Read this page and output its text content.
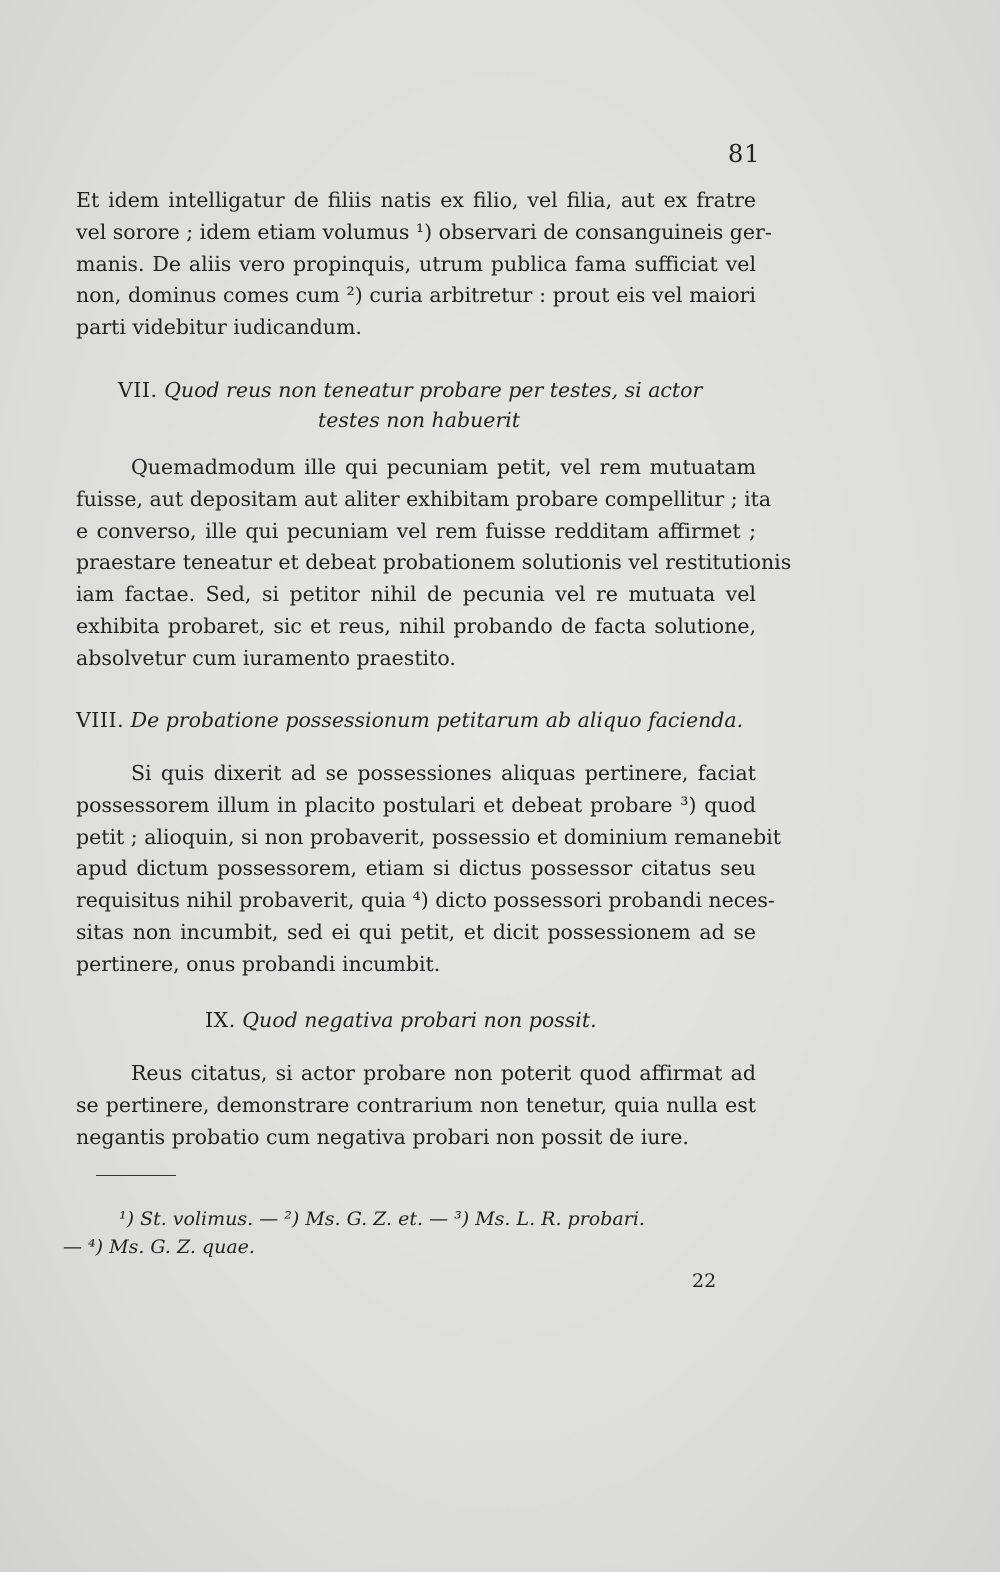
81
Et idem intelligatur de filiis natis ex filio, vel filia, aut ex fratre
vel sorore ; idem etiam volumus ¹) observari de consanguineis ger-
manis. De aliis vero propinquis, utrum publica fama sufficiat vel
non, dominus comes cum ²) curia arbitretur : prout eis vel maiori
parti videbitur iudicandum.
VII. Quod reus non teneatur probare per testes, si actor
testes non habuerit
Quemadmodum ille qui pecuniam petit, vel rem mutuatam
fuisse, aut depositam aut aliter exhibitam probare compellitur ; ita
e converso, ille qui pecuniam vel rem fuisse redditam affirmet ;
praestare teneatur et debeat probationem solutionis vel restitutionis
iam factae. Sed, si petitor nihil de pecunia vel re mutuata vel
exhibita probaret, sic et reus, nihil probando de facta solutione,
absolvetur cum iuramento praestito.
VIII. De probatione possessionum petitarum ab aliquo facienda.
Si quis dixerit ad se possessiones aliquas pertinere, faciat
possessorem illum in placito postulari et debeat probare ³) quod
petit ; alioquin, si non probaverit, possessio et dominium remanebit
apud dictum possessorem, etiam si dictus possessor citatus seu
requisitus nihil probaverit, quia ⁴) dicto possessori probandi neces-
sitas non incumbit, sed ei qui petit, et dicit possessionem ad se
pertinere, onus probandi incumbit.
IX. Quod negativa probari non possit.
Reus citatus, si actor probare non poterit quod affirmat ad
se pertinere, demonstrare contrarium non tenetur, quia nulla est
negantis probatio cum negativa probari non possit de iure.
¹) St. volimus. — ²) Ms. G. Z. et. — ³) Ms. L. R. probari.
— ⁴) Ms. G. Z. quae.
22
